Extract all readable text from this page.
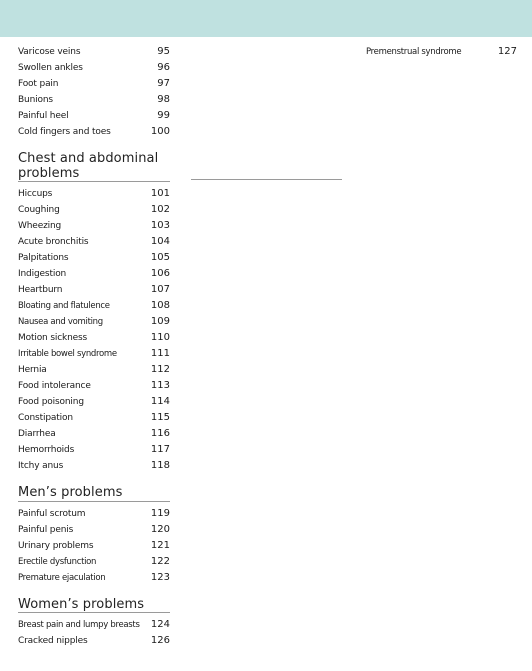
Varicose veins	95
Swollen ankles	96
Foot pain	97
Bunions	98
Painful heel	99
Cold fingers and toes	100
Chest and abdominal problems
Hiccups	101
Coughing	102
Wheezing	103
Acute bronchitis	104
Palpitations	105
Indigestion	106
Heartburn	107
Bloating and flatulence	108
Nausea and vomiting	109
Motion sickness	110
Irritable bowel syndrome	111
Hernia	112
Food intolerance	113
Food poisoning	114
Constipation	115
Diarrhea	116
Hemorrhoids	117
Itchy anus	118
Men’s problems
Painful scrotum	119
Painful penis	120
Urinary problems	121
Erectile dysfunction	122
Premature ejaculation	123
Women’s problems
Breast pain and lumpy breasts 124
Cracked nipples	126
Premenstrual syndrome	127
